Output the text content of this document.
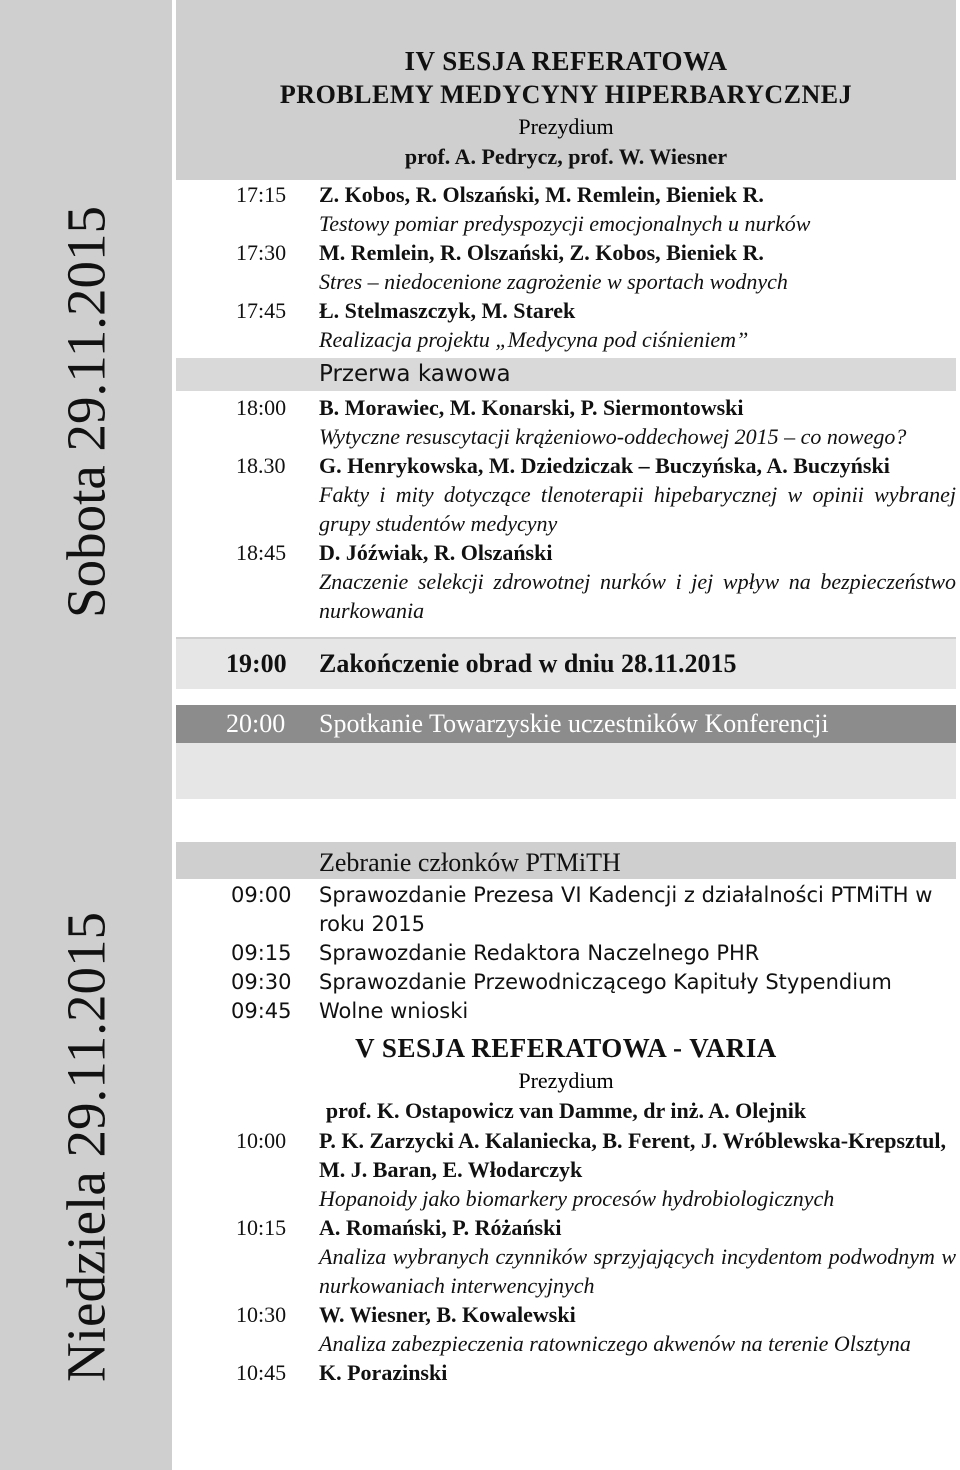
Sobota 29.11.2015
Niedziela 29.11.2015
IV SESJA REFERATOWA
PROBLEMY MEDYCYNY HIPERBARYCZNEJ
Prezydium
prof. A. Pedrycz, prof. W. Wiesner
17:15 Z. Kobos, R. Olszański, M. Remlein, Bieniek R.
Testowy pomiar predyspozycji emocjonalnych u nurków
17:30 M. Remlein, R. Olszański, Z. Kobos, Bieniek R.
Stres – niedocenione zagrożenie w sportach wodnych
17:45 Ł. Stelmaszczyk, M. Starek
Realizacja projektu „Medycyna pod ciśnieniem”
Przerwa kawowa
18:00 B. Morawiec, M. Konarski, P. Siermontowski
Wytyczne resuscytacji krążeniowo-oddechowej 2015 – co nowego?
18.30 G. Henrykowska, M. Dziedziczak – Buczyńska, A. Buczyński
Fakty i mity dotyczące tlenoterapii hipebarycznej w opinii wybranej grupy studentów medycyny
18:45 D. Jóźwiak, R. Olszański
Znaczenie selekcji zdrowotnej nurków i jej wpływ na bezpieczeństwo nurkowania
19:00 Zakończenie obrad w dniu 28.11.2015
20:00 Spotkanie Towarzyskie uczestników Konferencji
Zebranie członków PTMiTH
09:00 Sprawozdanie Prezesa VI Kadencji z działalności PTMiTH w roku 2015
09:15 Sprawozdanie Redaktora Naczelnego PHR
09:30 Sprawozdanie Przewodniczącego Kapituły Stypendium
09:45 Wolne wnioski
V SESJA REFERATOWA - VARIA
Prezydium
prof. K. Ostapowicz van Damme, dr inż. A. Olejnik
10:00 P. K. Zarzycki A. Kalaniecka, B. Ferent, J. Wróblewska-Krepsztul, M. J. Baran, E. Włodarczyk
Hopanoidy jako biomarkery procesów hydrobiologicznych
10:15 A. Romański, P. Różański
Analiza wybranych czynników sprzyjających incydentom podwodnym w nurkowaniach interwencyjnych
10:30 W. Wiesner, B. Kowalewski
Analiza zabezpieczenia ratowniczego akwenów na terenie Olsztyna
10:45 K. Porazinski
